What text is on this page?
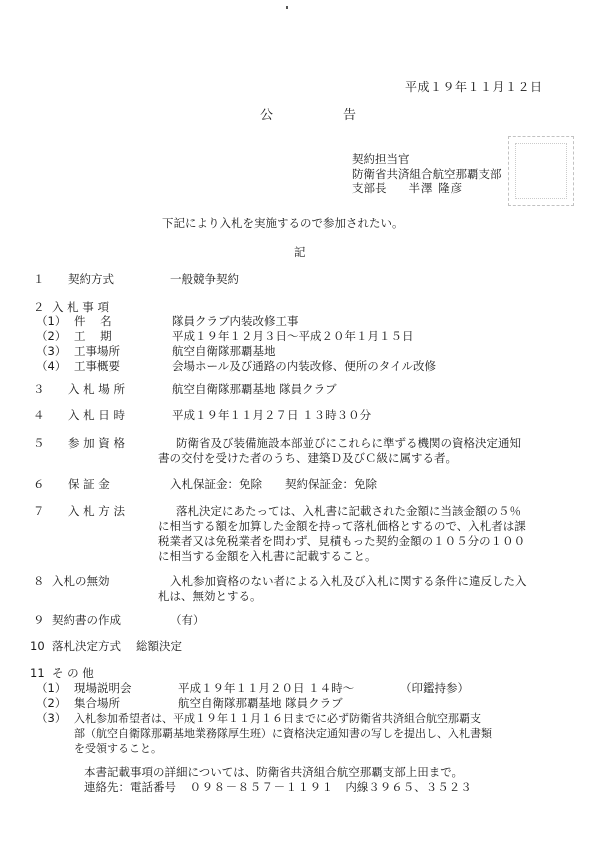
平成１９年１１月１２日
公告
契約担当官
防衛省共済組合航空那覇支部
支部長 半澤 隆彦
下記により入札を実施するので参加されたい。
記
１ 契約方式	一般競争契約
２ 入 札 事 項
（1） 件    名	隊員クラブ内装改修工事
（2） 工    期	平成１９年１２月３日～平成２０年１月１５日
（3） 工事場所	航空自衛隊那覇基地
（4） 工事概要	会場ホール及び通路の内装改修、便所のタイル改修
３ 入 札 場 所	航空自衛隊那覇基地 隊員クラブ
４ 入 札 日 時	平成１９年１１月２７日 １３時３０分
５ 参 加 資 格	防衛省及び装備施設本部並びにこれらに準ずる機関の資格決定通知
書の交付を受けた者のうち、建築Ｄ及びＣ級に属する者。
６ 保 証 金	入札保証金：免除　　契約保証金：免除
７ 入 札 方 法	落札決定にあたっては、入札書に記載された金額に当該金額の５％
に相当する額を加算した金額を持って落札価格とするので、入札者は課
税業者又は免税業者を問わず、見積もった契約金額の１０５分の１００
に相当する金額を入札書に記載すること。
８ 入札の無効	入札参加資格のない者による入札及び入札に関する条件に違反した入
札は、無効とする。
９ 契約書の作成	（有）
10 落札決定方式 総額決定
11 そ の 他
（1） 現場説明会	平成１９年１１月２０日 １４時～	（印鑑持参）
（2） 集合場所	航空自衛隊那覇基地 隊員クラブ
（3） 入札参加希望者は、平成１９年１１月１６日までに必ず防衛省共済組合航空那覇支
部（航空自衛隊那覇基地業務隊厚生班）に資格決定通知書の写しを提出し、入札書類
を受領すること。
本書記載事項の詳細については、防衛省共済組合航空那覇支部上田まで。
連絡先：電話番号 ０９８－８５７－１１９１ 内線３９６５、３５２３
